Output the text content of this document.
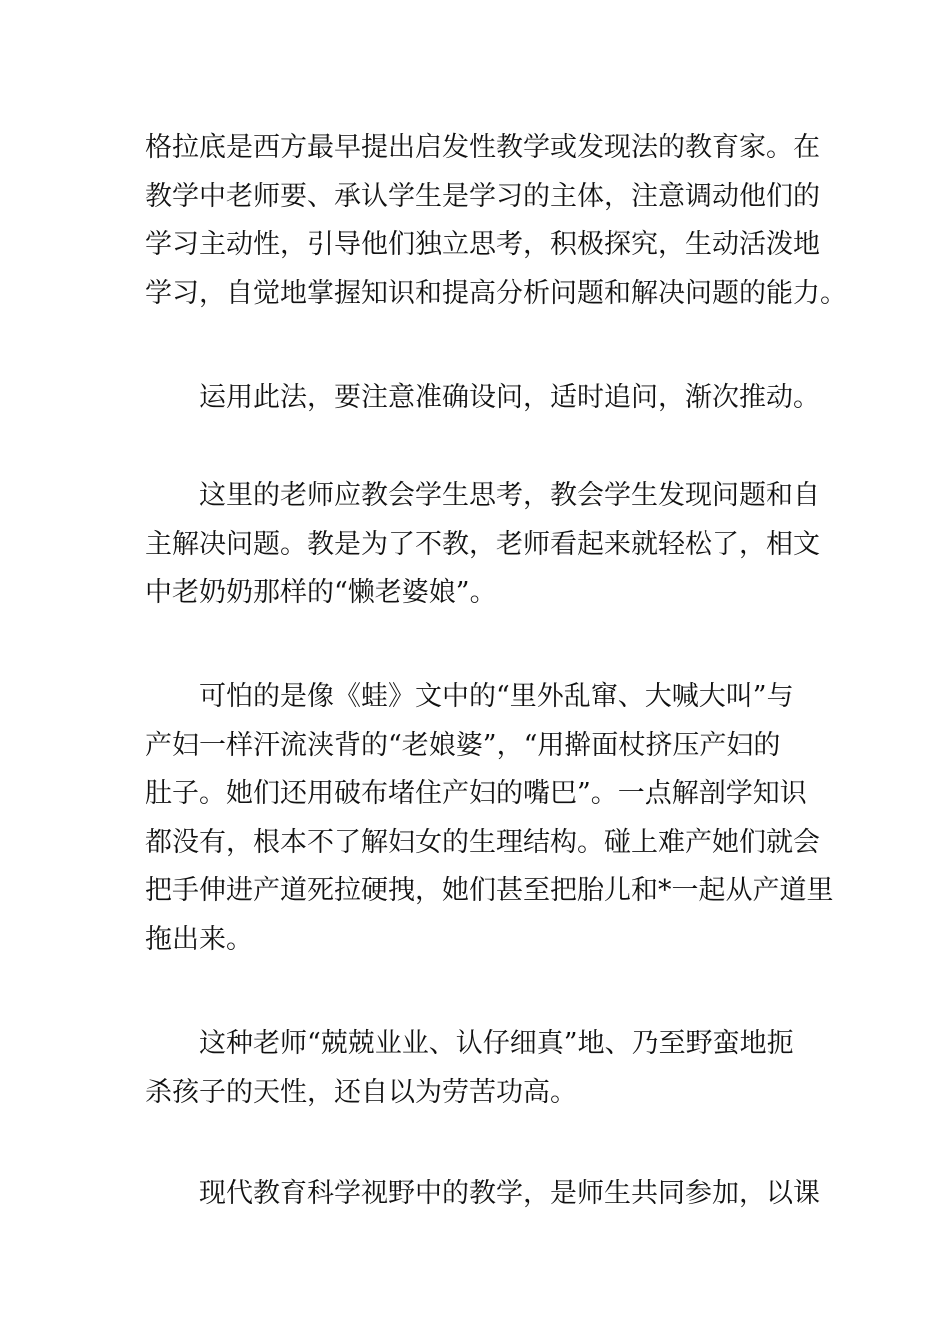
格拉底是西方最早提出启发性教学或发现法的教育家。在
教学中老师要、承认学生是学习的主体，注意调动他们的
学习主动性，引导他们独立思考，积极探究，生动活泼地
学习，自觉地掌握知识和提高分析问题和解决问题的能力。
　　运用此法，要注意准确设问，适时追问，渐次推动。
　　这里的老师应教会学生思考，教会学生发现问题和自
主解决问题。教是为了不教，老师看起来就轻松了，相文
中老奶奶那样的“懒老婆娘”。
　　可怕的是像《蛙》文中的“里外乱窜、大喊大叫”与
产妇一样汗流浃背的“老娘婆”，“用擀面杖挤压产妇的
肚子。她们还用破布堵住产妇的嘴巴”。一点解剖学知识
都没有，根本不了解妇女的生理结构。碰上难产她们就会
把手伸进产道死拉硬拽，她们甚至把胎儿和*一起从产道里
拖出来。
　　这种老师“兢兢业业、认仔细真”地、乃至野蛮地扼
杀孩子的天性，还自以为劳苦功高。
　　现代教育科学视野中的教学，是师生共同参加，以课
